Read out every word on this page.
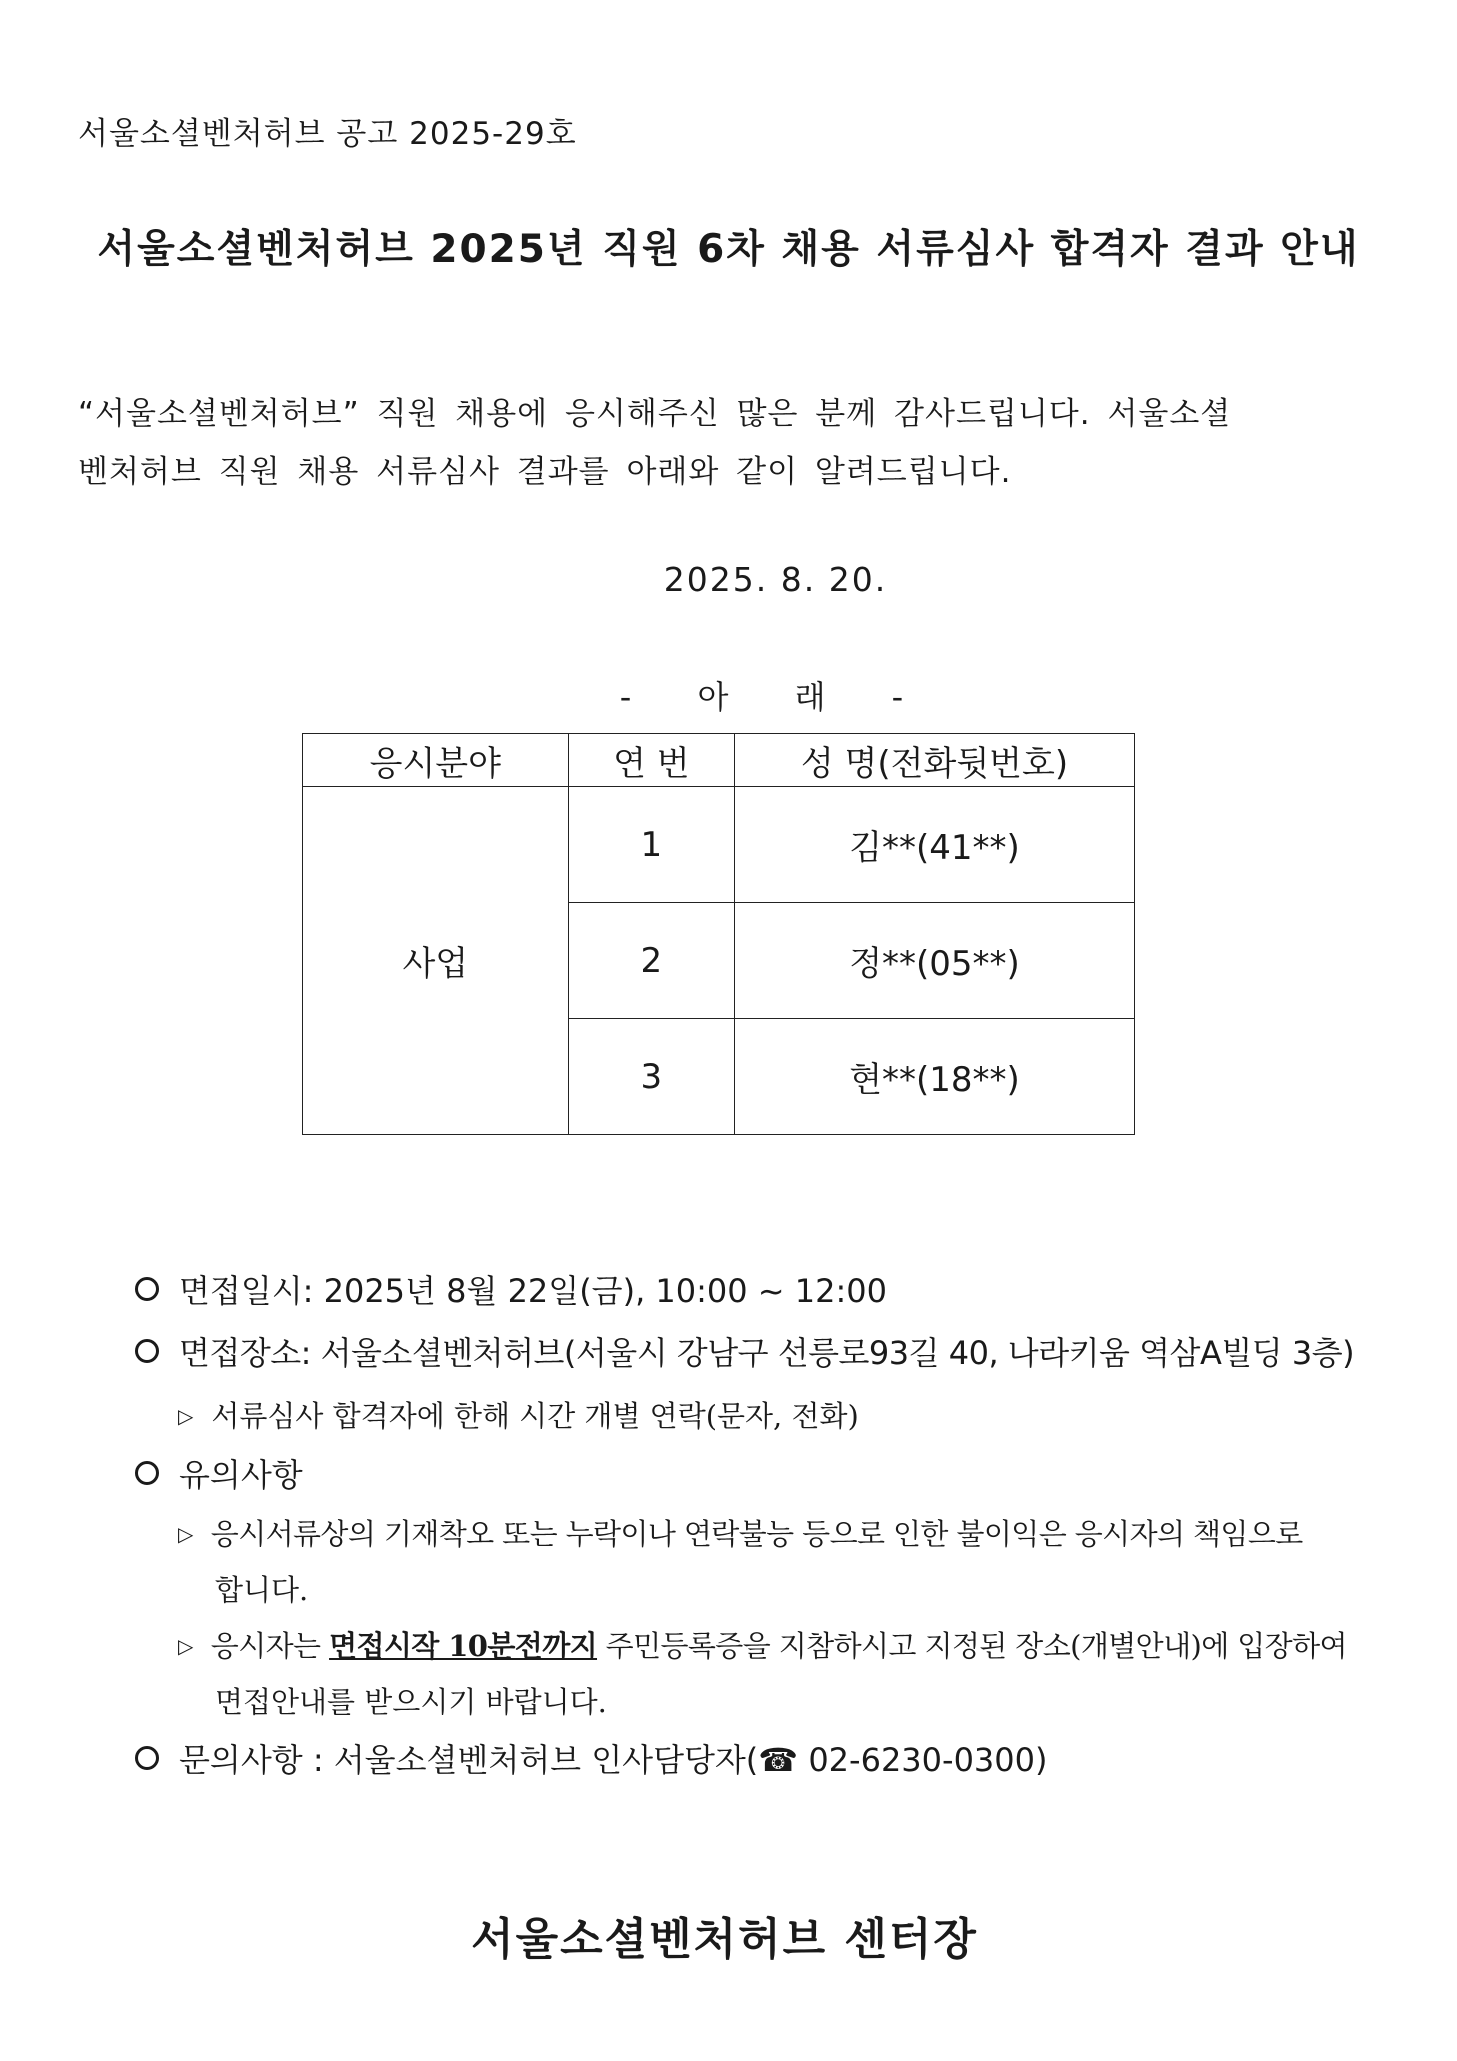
서울소셜벤처허브 공고 2025-29호
서울소셜벤처허브 2025년 직원 6차 채용 서류심사 합격자 결과 안내
“서울소셜벤처허브” 직원 채용에 응시해주신 많은 분께 감사드립니다. 서울소셜
벤처허브 직원 채용 서류심사 결과를 아래와 같이 알려드립니다.
2025. 8. 20.
- 아 래 -
응시분야	연 번	성 명(전화뒷번호)
사업	1	김**(41**)
	2	정**(05**)
	3	현**(18**)
면접일시: 2025년 8월 22일(금), 10:00 ~ 12:00
면접장소: 서울소셜벤처허브(서울시 강남구 선릉로93길 40, 나라키움 역삼A빌딩 3층)
▷ 서류심사 합격자에 한해 시간 개별 연락(문자, 전화)
유의사항
▷ 응시서류상의 기재착오 또는 누락이나 연락불능 등으로 인한 불이익은 응시자의 책임으로
합니다.
▷ 응시자는 면접시작 10분전까지 주민등록증을 지참하시고 지정된 장소(개별안내)에 입장하여
면접안내를 받으시기 바랍니다.
문의사항 : 서울소셜벤처허브 인사담당자(☎ 02-6230-0300)
서울소셜벤처허브 센터장
